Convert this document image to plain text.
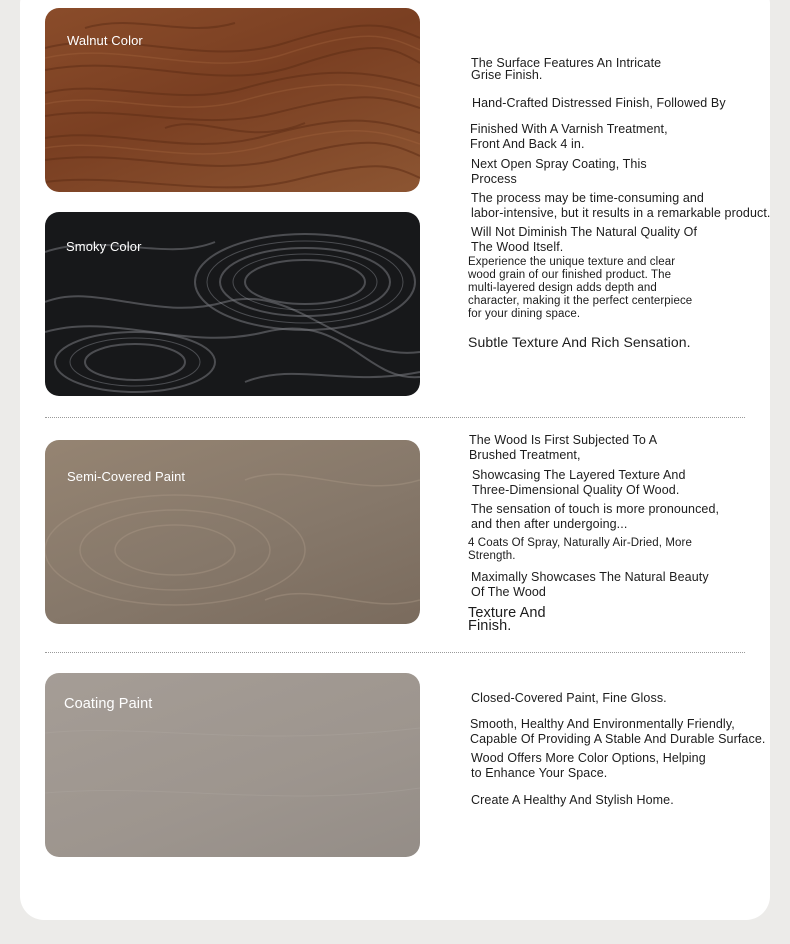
Walnut Color
Smoky Color
Semi-Covered Paint
Coating Paint
The Surface Features An Intricate
Grise Finish.
Hand-Crafted Distressed Finish, Followed By
Finished With A Varnish Treatment,
Front And Back 4 in.
Next Open Spray Coating, This
Process
The process may be time-consuming and
labor-intensive, but it results in a remarkable product.
Will Not Diminish The Natural Quality Of
The Wood Itself.
Experience the unique texture and clear
wood grain of our finished product. The
multi-layered design adds depth and
character, making it the perfect centerpiece
for your dining space.
Subtle Texture And Rich Sensation.
The Wood Is First Subjected To A
Brushed Treatment,
Showcasing The Layered Texture And
Three-Dimensional Quality Of Wood.
The sensation of touch is more pronounced,
and then after undergoing...
4 Coats Of Spray, Naturally Air-Dried, More
Strength.
Maximally Showcases The Natural Beauty
Of The Wood
Texture And
Finish.
Closed-Covered Paint, Fine Gloss.
Smooth, Healthy And Environmentally Friendly,
Capable Of Providing A Stable And Durable Surface.
Wood Offers More Color Options, Helping
to Enhance Your Space.
Create A Healthy And Stylish Home.
